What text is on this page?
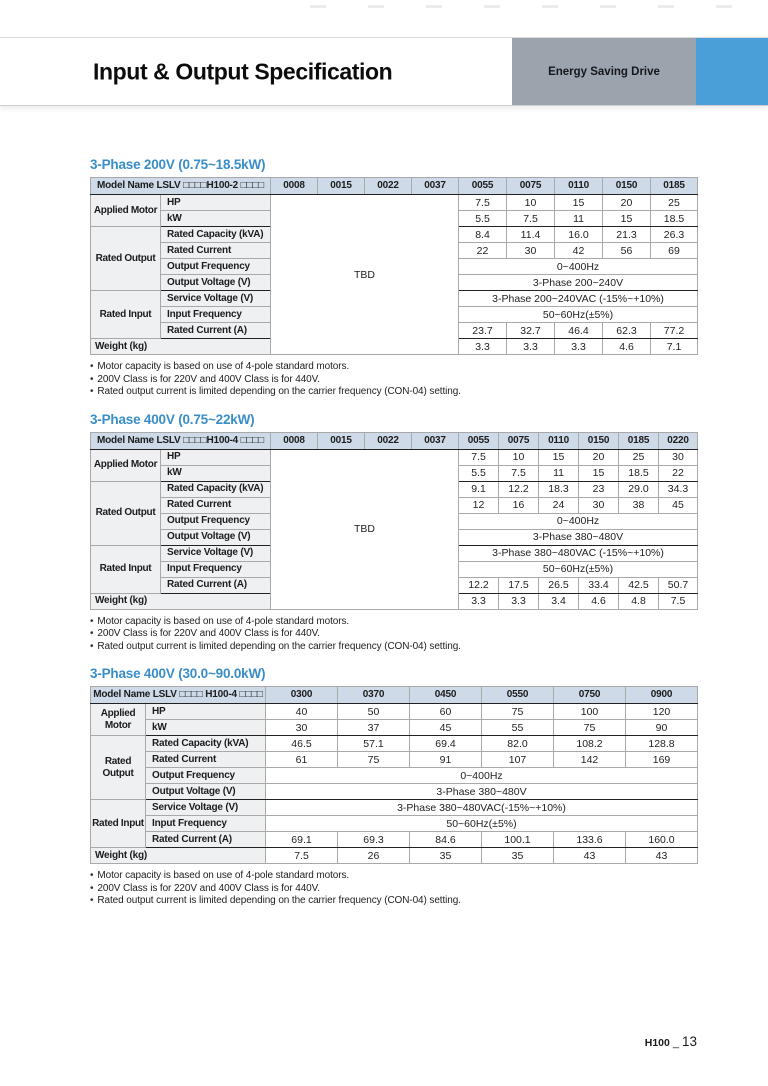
Input & Output Specification	Energy Saving Drive
3-Phase 200V (0.75~18.5kW)
Model Name LSLV □□□□H100-2 □□□□		0008	0015	0022	0037	0055	0075	0110	0150	0185
Applied Motor	HP	TBD				7.5	10	15	20	25
	kW					5.5	7.5	11	15	18.5
Rated Output	Rated Capacity (kVA)					8.4	11.4	16.0	21.3	26.3
	Rated Current					22	30	42	56	69
	Output Frequency					0~400Hz				
	Output Voltage (V)					3-Phase 200~240V				
Rated Input	Service Voltage (V)					3-Phase 200~240VAC (-15%~+10%)				
	Input Frequency					50~60Hz(±5%)				
	Rated Current (A)					23.7	32.7	46.4	62.3	77.2
Weight (kg)						3.3	3.3	3.3	4.6	7.1
• Motor capacity is based on use of 4-pole standard motors.
• 200V Class is for 220V and 400V Class is for 440V.
• Rated output current is limited depending on the carrier frequency (CON-04) setting.
3-Phase 400V (0.75~22kW)
Model Name LSLV □□□□H100-4 □□□□		0008	0015	0022	0037	0055	0075	0110	0150	0185	0220
Applied Motor	HP	TBD				7.5	10	15	20	25	30
	kW					5.5	7.5	11	15	18.5	22
Rated Output	Rated Capacity (kVA)					9.1	12.2	18.3	23	29.0	34.3
	Rated Current					12	16	24	30	38	45
	Output Frequency					0~400Hz					
	Output Voltage (V)					3-Phase 380~480V					
Rated Input	Service Voltage (V)					3-Phase 380~480VAC (-15%~+10%)					
	Input Frequency					50~60Hz(±5%)					
	Rated Current (A)					12.2	17.5	26.5	33.4	42.5	50.7
Weight (kg)						3.3	3.3	3.4	4.6	4.8	7.5
• Motor capacity is based on use of 4-pole standard motors.
• 200V Class is for 220V and 400V Class is for 440V.
• Rated output current is limited depending on the carrier frequency (CON-04) setting.
3-Phase 400V (30.0~90.0kW)
Model Name LSLV □□□□ H100-4 □□□□		0300	0370	0450	0550	0750	0900
Applied Motor	HP	40	50	60	75	100	120
	kW	30	37	45	55	75	90
Rated Output	Rated Capacity (kVA)	46.5	57.1	69.4	82.0	108.2	128.8
	Rated Current	61	75	91	107	142	169
	Output Frequency	0~400Hz					
	Output Voltage (V)	3-Phase 380~480V					
Rated Input	Service Voltage (V)	3-Phase 380~480VAC(-15%~+10%)					
	Input Frequency	50~60Hz(±5%)					
	Rated Current (A)	69.1	69.3	84.6	100.1	133.6	160.0
Weight (kg)		7.5	26	35	35	43	43
• Motor capacity is based on use of 4-pole standard motors.
• 200V Class is for 220V and 400V Class is for 440V.
• Rated output current is limited depending on the carrier frequency (CON-04) setting.
H100 _ 13
